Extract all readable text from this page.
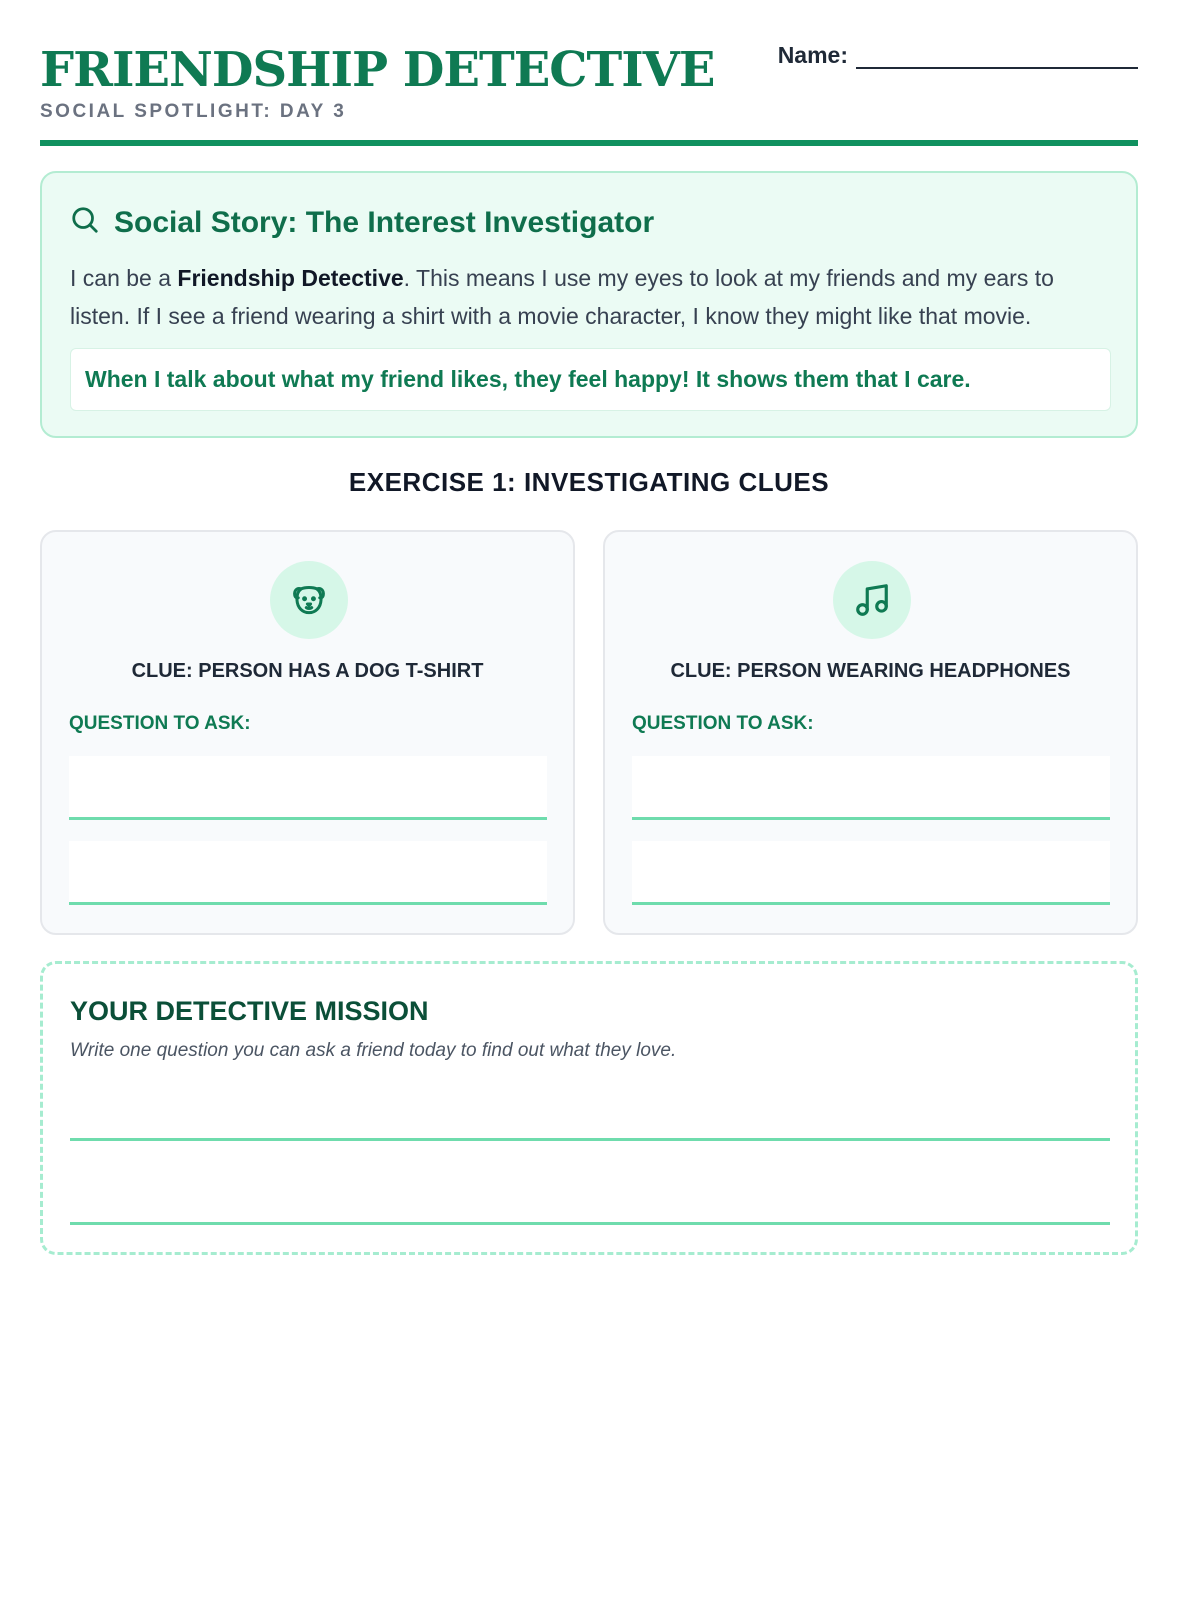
FRIENDSHIP DETECTIVE
SOCIAL SPOTLIGHT: DAY 3
Name:
Social Story: The Interest Investigator
I can be a Friendship Detective. This means I use my eyes to look at my friends and my ears to listen. If I see a friend wearing a shirt with a movie character, I know they might like that movie.
When I talk about what my friend likes, they feel happy! It shows them that I care.
EXERCISE 1: INVESTIGATING CLUES
CLUE: PERSON HAS A DOG T-SHIRT
QUESTION TO ASK:
CLUE: PERSON WEARING HEADPHONES
QUESTION TO ASK:
YOUR DETECTIVE MISSION
Write one question you can ask a friend today to find out what they love.
